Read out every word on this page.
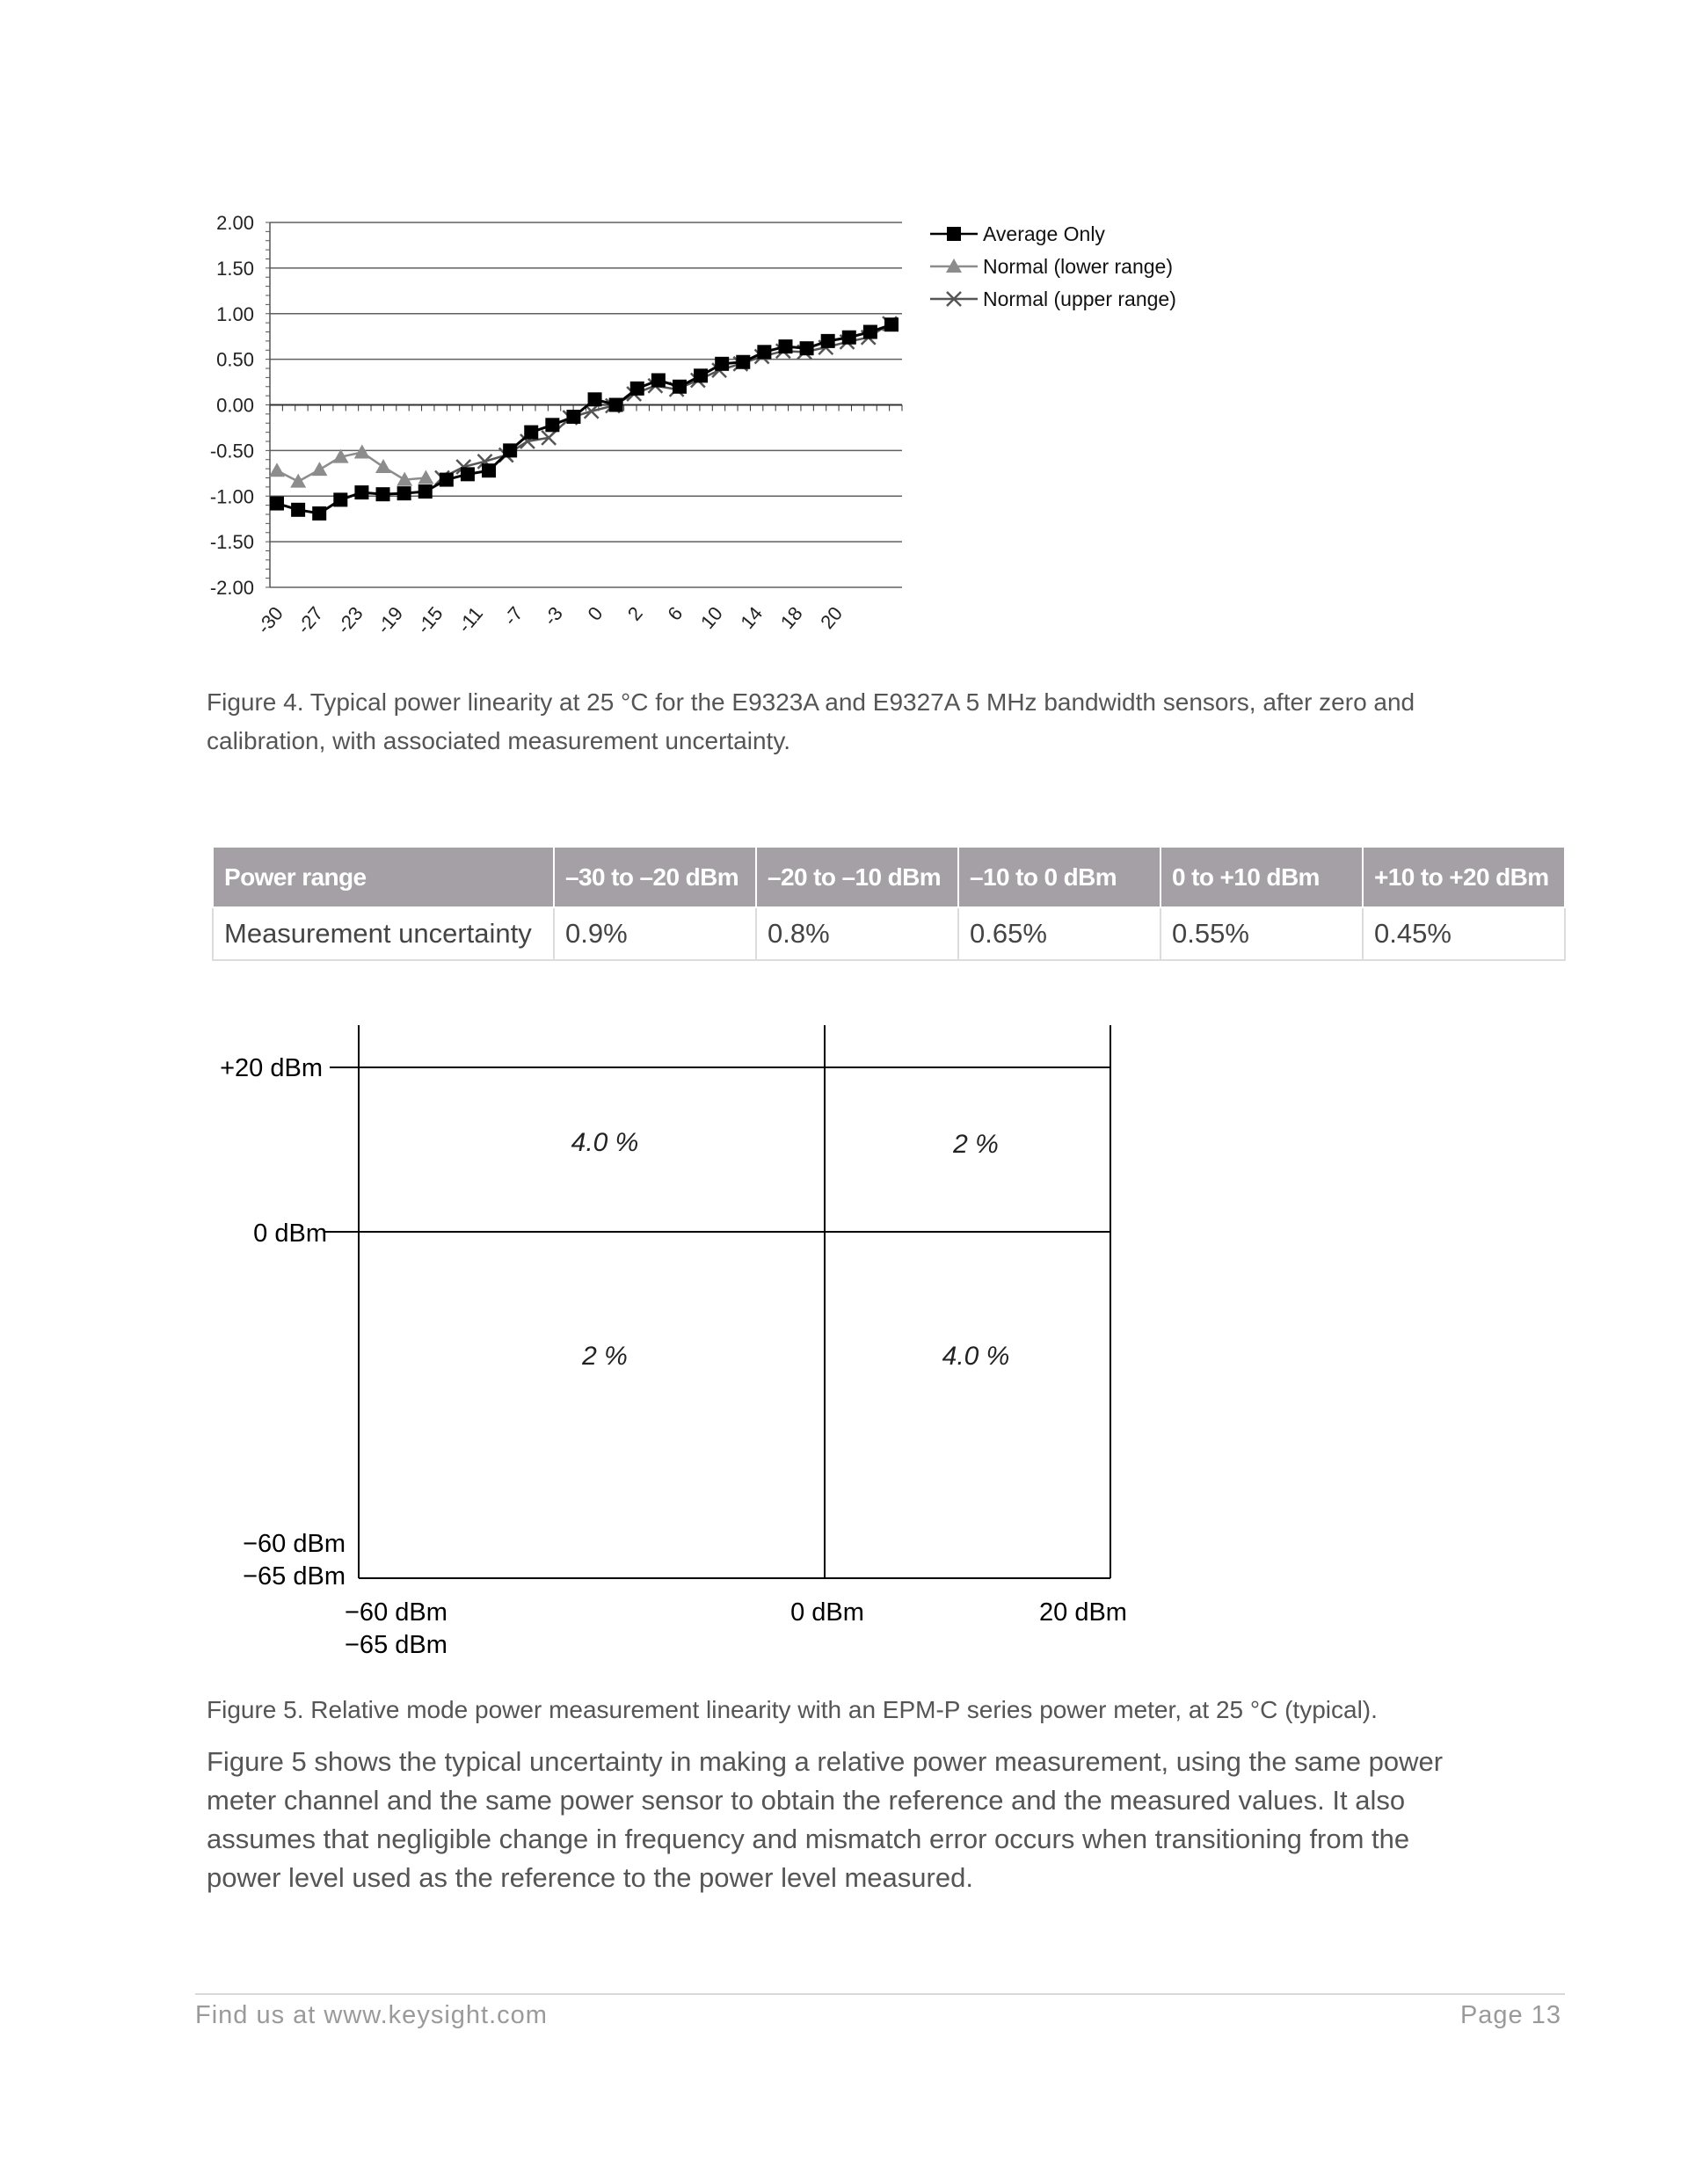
2.00
1.50
1.00
0.50
0.00
-0.50
-1.00
-1.50
-2.00
-30 -27 -23 -19 -15 -11 -7 -3 0 2 6 10 14 18 20
Average Only
Normal (lower range)
Normal (upper range)

Figure 4. Typical power linearity at 25 °C for the E9323A and E9327A 5 MHz bandwidth sensors, after zero and calibration, with associated measurement uncertainty.

Power range	–30 to –20 dBm	–20 to –10 dBm	–10 to 0 dBm	0 to +10 dBm	+10 to +20 dBm
Measurement uncertainty	0.9%	0.8%	0.65%	0.55%	0.45%
+20 dBm
0 dBm
−60 dBm
−65 dBm
−60 dBm
−65 dBm
0 dBm	20 dBm
4.0 %	2 %
2 %	4.0 %

Figure 5. Relative mode power measurement linearity with an EPM-P series power meter, at 25 °C (typical).

Figure 5 shows the typical uncertainty in making a relative power measurement, using the same power meter channel and the same power sensor to obtain the reference and the measured values. It also assumes that negligible change in frequency and mismatch error occurs when transitioning from the power level used as the reference to the power level measured.

Find us at www.keysight.com	Page 13
